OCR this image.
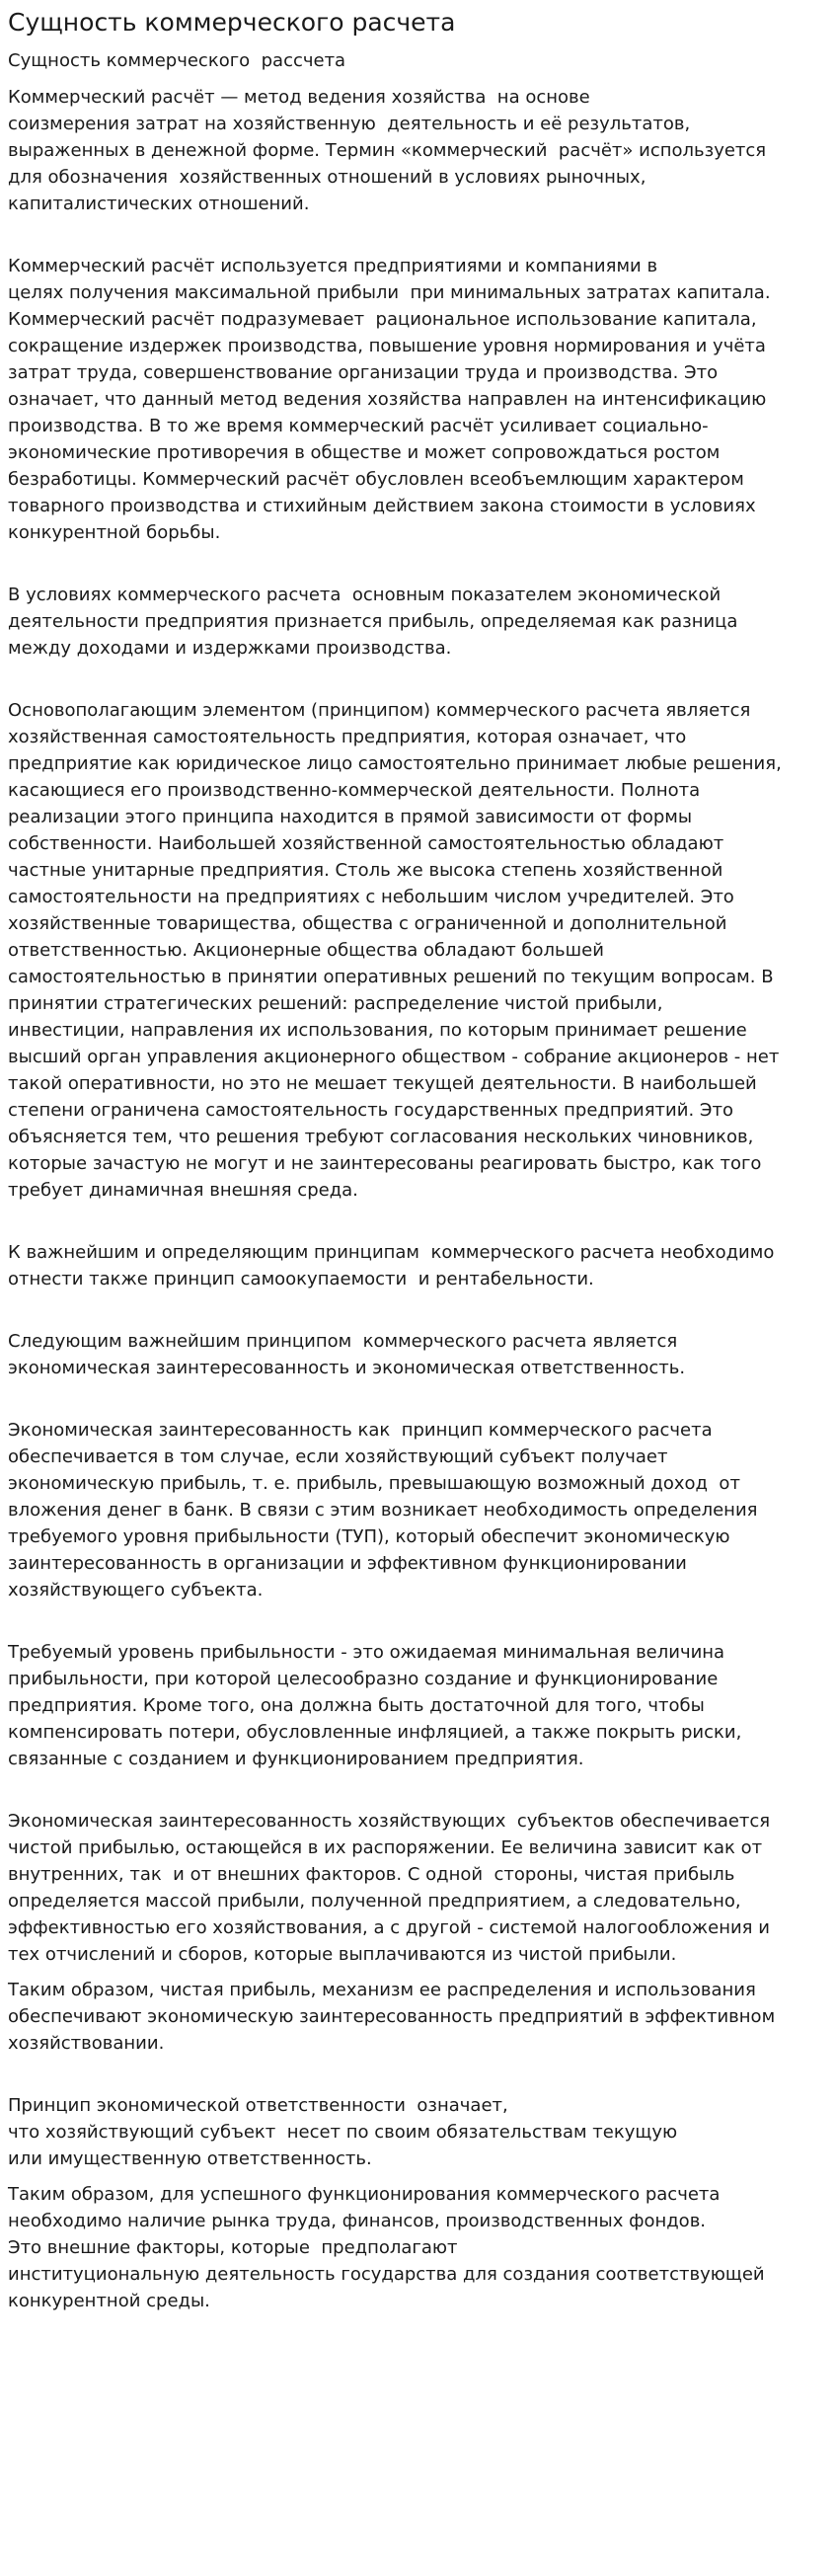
Сущность коммерческого расчета

Сущность коммерческого  рассчета

Коммерческий расчёт — метод ведения хозяйства  на основе
соизмерения затрат на хозяйственную  деятельность и её результатов,
выраженных в денежной форме. Термин «коммерческий  расчёт» используется
для обозначения  хозяйственных отношений в условиях рыночных,
капиталистических отношений.

Коммерческий расчёт используется предприятиями и компаниями в
целях получения максимальной прибыли  при минимальных затратах капитала.
Коммерческий расчёт подразумевает  рациональное использование капитала,
сокращение издержек производства, повышение уровня нормирования и учёта
затрат труда, совершенствование организации труда и производства. Это
означает, что данный метод ведения хозяйства направлен на интенсификацию
производства. В то же время коммерческий расчёт усиливает социально-
экономические противоречия в обществе и может сопровождаться ростом
безработицы. Коммерческий расчёт обусловлен всеобъемлющим характером
товарного производства и стихийным действием закона стоимости в условиях
конкурентной борьбы.

В условиях коммерческого расчета  основным показателем экономической
деятельности предприятия признается прибыль, определяемая как разница
между доходами и издержками производства.

Основополагающим элементом (принципом) коммерческого расчета является
хозяйственная самостоятельность предприятия, которая означает, что
предприятие как юридическое лицо самостоятельно принимает любые решения,
касающиеся его производственно-коммерческой деятельности. Полнота
реализации этого принципа находится в прямой зависимости от формы
собственности. Наибольшей хозяйственной самостоятельностью обладают
частные унитарные предприятия. Столь же высока степень хозяйственной
самостоятельности на предприятиях с небольшим числом учредителей. Это
хозяйственные товарищества, общества с ограниченной и дополнительной
ответственностью. Акционерные общества обладают большей
самостоятельностью в принятии оперативных решений по текущим вопросам. В
принятии стратегических решений: распределение чистой прибыли,
инвестиции, направления их использования, по которым принимает решение
высший орган управления акционерного обществом - собрание акционеров - нет
такой оперативности, но это не мешает текущей деятельности. В наибольшей
степени ограничена самостоятельность государственных предприятий. Это
объясняется тем, что решения требуют согласования нескольких чиновников,
которые зачастую не могут и не заинтересованы реагировать быстро, как того
требует динамичная внешняя среда.

К важнейшим и определяющим принципам  коммерческого расчета необходимо
отнести также принцип самоокупаемости  и рентабельности.

Следующим важнейшим принципом  коммерческого расчета является
экономическая заинтересованность и экономическая ответственность.

Экономическая заинтересованность как  принцип коммерческого расчета
обеспечивается в том случае, если хозяйствующий субъект получает
экономическую прибыль, т. е. прибыль, превышающую возможный доход  от
вложения денег в банк. В связи с этим возникает необходимость определения
требуемого уровня прибыльности (ТУП), который обеспечит экономическую
заинтересованность в организации и эффективном функционировании
хозяйствующего субъекта.

Требуемый уровень прибыльности - это ожидаемая минимальная величина
прибыльности, при которой целесообразно создание и функционирование
предприятия. Кроме того, она должна быть достаточной для того, чтобы
компенсировать потери, обусловленные инфляцией, а также покрыть риски,
связанные с созданием и функционированием предприятия.

Экономическая заинтересованность хозяйствующих  субъектов обеспечивается
чистой прибылью, остающейся в их распоряжении. Ее величина зависит как от
внутренних, так  и от внешних факторов. С одной  стороны, чистая прибыль
определяется массой прибыли, полученной предприятием, а следовательно,
эффективностью его хозяйствования, а с другой - системой налогообложения и
тех отчислений и сборов, которые выплачиваются из чистой прибыли.

Таким образом, чистая прибыль, механизм ее распределения и использования
обеспечивают экономическую заинтересованность предприятий в эффективном
хозяйствовании.

Принцип экономической ответственности  означает,
что хозяйствующий субъект  несет по своим обязательствам текущую
или имущественную ответственность.

Таким образом, для успешного функционирования коммерческого расчета
необходимо наличие рынка труда, финансов, производственных фондов.
Это внешние факторы, которые  предполагают
институциональную деятельность государства для создания соответствующей
конкурентной среды.
